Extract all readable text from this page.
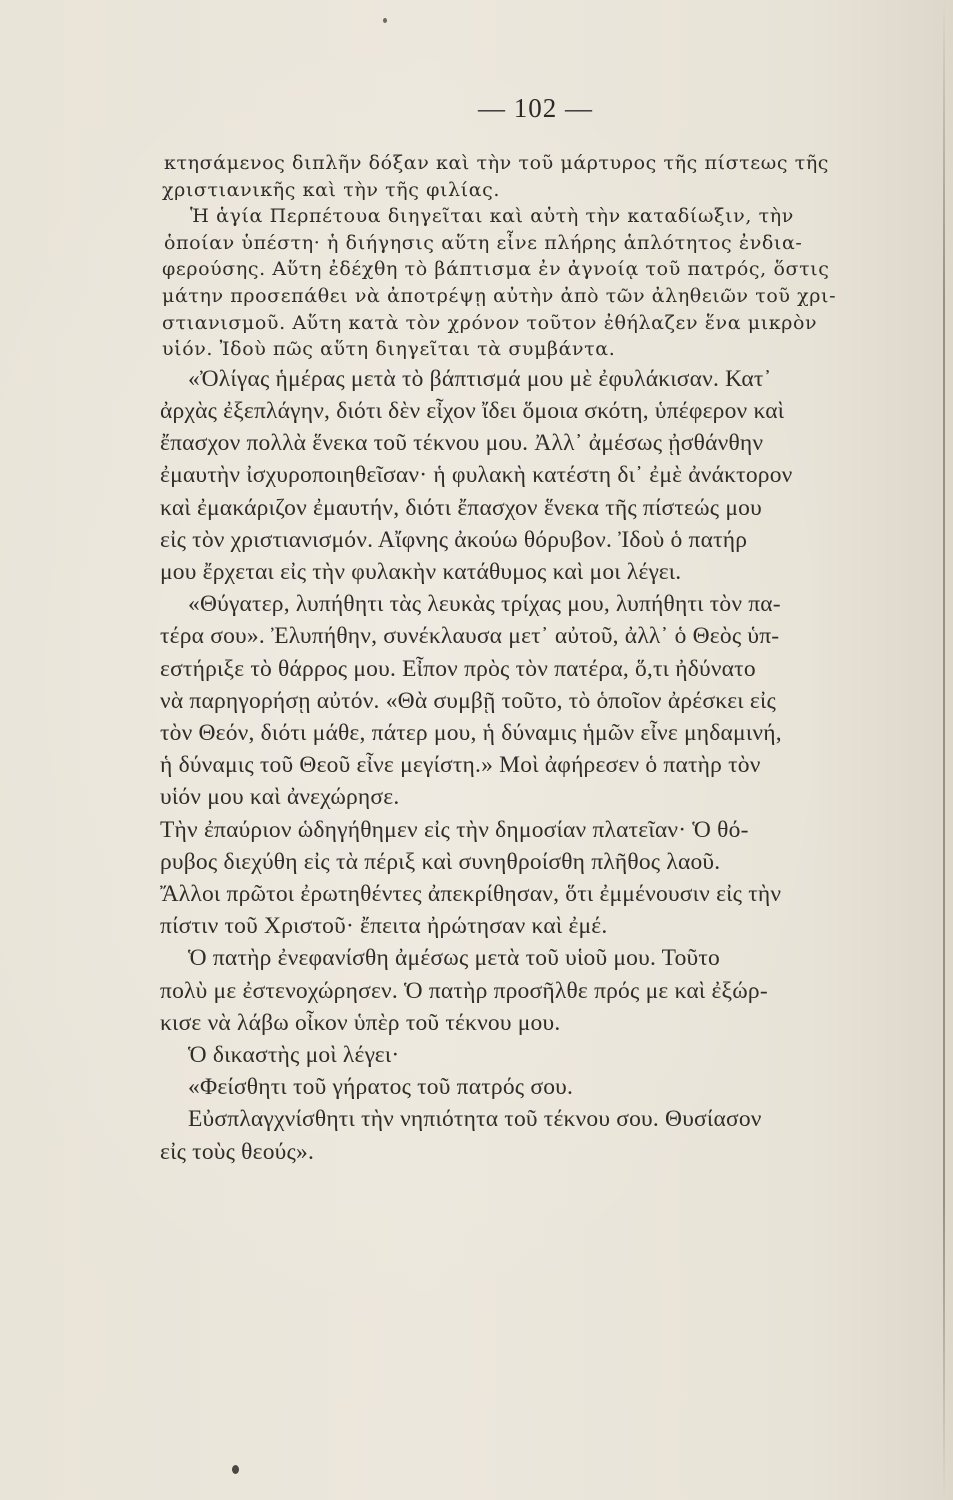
— 102 —
κτησάμενος διπλῆν δόξαν καὶ τὴν τοῦ μάρτυρος τῆς πίστεως τῆς
χριστιανικῆς καὶ τὴν τῆς φιλίας.
Ἡ ἁγία Περπέτουα διηγεῖται καὶ αὐτὴ τὴν καταδίωξιν, τὴν
ὁποίαν ὑπέστη· ἡ διήγησις αὕτη εἶνε πλήρης ἁπλότητος ἐνδια-
φερούσης. Αὕτη ἐδέχθη τὸ βάπτισμα ἐν ἀγνοίᾳ τοῦ πατρός, ὅστις
μάτην προσεπάθει νὰ ἀποτρέψῃ αὐτὴν ἀπὸ τῶν ἀληθειῶν τοῦ χρι-
στιανισμοῦ. Αὕτη κατὰ τὸν χρόνον τοῦτον ἐθήλαζεν ἕνα μικρὸν
υἱόν. Ἰδοὺ πῶς αὕτη διηγεῖται τὰ συμβάντα.
«Ὀλίγας ἡμέρας μετὰ τὸ βάπτισμά μου μὲ ἐφυλάκισαν. Κατ᾽
ἀρχὰς ἐξεπλάγην, διότι δὲν εἶχον ἴδει ὅμοια σκότη, ὑπέφερον καὶ
ἔπασχον πολλὰ ἕνεκα τοῦ τέκνου μου. Ἀλλ᾽ ἀμέσως ᾐσθάνθην
ἐμαυτὴν ἰσχυροποιηθεῖσαν· ἡ φυλακὴ κατέστη δι᾽ ἐμὲ ἀνάκτορον
καὶ ἐμακάριζον ἐμαυτήν, διότι ἔπασχον ἕνεκα τῆς πίστεώς μου
εἰς τὸν χριστιανισμόν. Αἴφνης ἀκούω θόρυβον. Ἰδοὺ ὁ πατήρ
μου ἔρχεται εἰς τὴν φυλακὴν κατάθυμος καὶ μοι λέγει.
«Θύγατερ, λυπήθητι τὰς λευκὰς τρίχας μου, λυπήθητι τὸν πα-
τέρα σου». Ἐλυπήθην, συνέκλαυσα μετ᾽ αὐτοῦ, ἀλλ᾽ ὁ Θεὸς ὑπ-
εστήριξε τὸ θάρρος μου. Εἶπον πρὸς τὸν πατέρα, ὅ,τι ἠδύνατο
νὰ παρηγορήσῃ αὐτόν. «Θὰ συμβῇ τοῦτο, τὸ ὁποῖον ἀρέσκει εἰς
τὸν Θεόν, διότι μάθε, πάτερ μου, ἡ δύναμις ἡμῶν εἶνε μηδαμινή,
ἡ δύναμις τοῦ Θεοῦ εἶνε μεγίστη.» Μοὶ ἀφήρεσεν ὁ πατὴρ τὸν
υἱόν μου καὶ ἀνεχώρησε.
Τὴν ἐπαύριον ὡδηγήθημεν εἰς τὴν δημοσίαν πλατεῖαν· Ὁ θό-
ρυβος διεχύθη εἰς τὰ πέριξ καὶ συνηθροίσθη πλῆθος λαοῦ.
Ἄλλοι πρῶτοι ἐρωτηθέντες ἀπεκρίθησαν, ὅτι ἐμμένουσιν εἰς τὴν
πίστιν τοῦ Χριστοῦ· ἔπειτα ἠρώτησαν καὶ ἐμέ.
Ὁ πατὴρ ἐνεφανίσθη ἀμέσως μετὰ τοῦ υἱοῦ μου. Τοῦτο
πολὺ με ἐστενοχώρησεν. Ὁ πατὴρ προσῆλθε πρός με καὶ ἐξώρ-
κισε νὰ λάβω οἶκον ὑπὲρ τοῦ τέκνου μου.
Ὁ δικαστὴς μοὶ λέγει·
«Φείσθητι τοῦ γήρατος τοῦ πατρός σου.
Εὐσπλαγχνίσθητι τὴν νηπιότητα τοῦ τέκνου σου. Θυσίασον
εἰς τοὺς θεούς».
